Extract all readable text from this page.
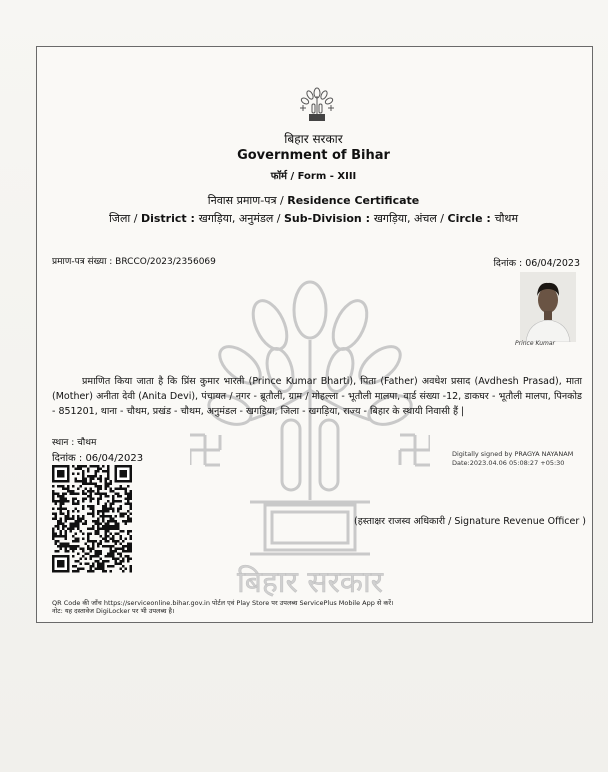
बिहार सरकार
बिहार सरकार
Government of Bihar
फॉर्म / Form - XIII
निवास प्रमाण-पत्र / Residence Certificate
जिला / District : खगड़िया, अनुमंडल / Sub-Division : खगड़िया, अंचल / Circle : चौथम
प्रमाण-पत्र संख्या : BRCCO/2023/2356069	दिनांक : 06/04/2023
Prince Kumar
प्रमाणित किया जाता है कि प्रिंस कुमार भारती (Prince Kumar Bharti), पिता (Father) अवधेश प्रसाद (Avdhesh Prasad), माता (Mother) अनीता देवी (Anita Devi), पंचायत / नगर - ब्रूतौली, ग्राम / मोहल्ला - भूतौली मालपा, वार्ड संख्या -12, डाकघर - भूतौली मालपा, पिनकोड - 851201, थाना - चौथम, प्रखंड - चौथम, अनुमंडल - खगड़िया, जिला - खगड़िया, राज्य - बिहार के स्थायी निवासी हैं |
स्थान : चौथम
दिनांक : 06/04/2023	Digitally signed by PRAGYA NAYANAM
Date:2023.04.06 05:08:27 +05:30
(हस्ताक्षर राजस्व अधिकारी / Signature Revenue Officer )
QR Code की जाँच https://serviceonline.bihar.gov.in पोर्टल एवं Play Store पर उपलब्ध ServicePlus Mobile App से करें।
नोट: यह दस्तावेज DigiLocker पर भी उपलब्ध है।
